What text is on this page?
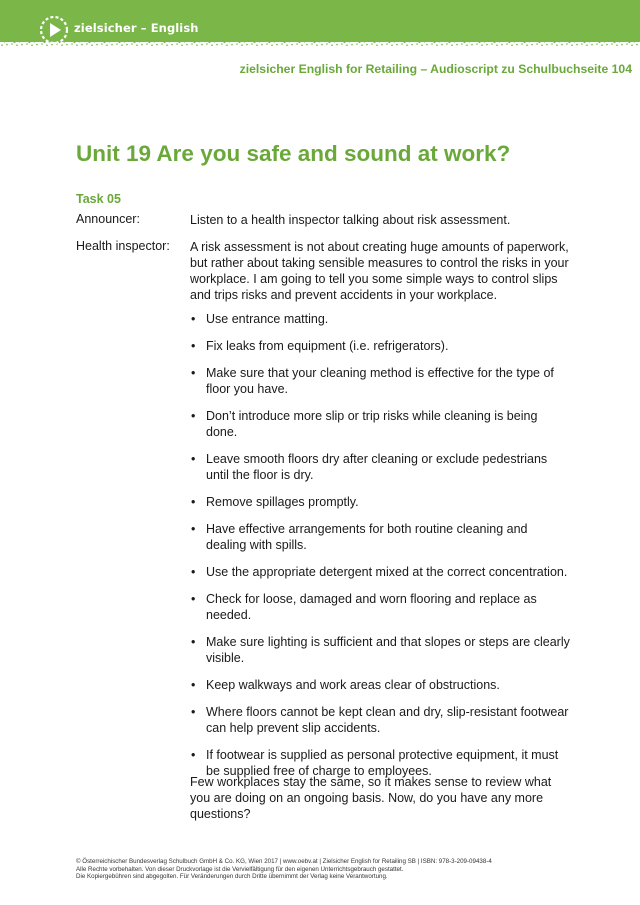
zielsicher – English
zielsicher English for Retailing – Audioscript zu Schulbuchseite 104
Unit 19 Are you safe and sound at work?
Task 05
Announcer:	Listen to a health inspector talking about risk assessment.
Health inspector: A risk assessment is not about creating huge amounts of paperwork, but rather about taking sensible measures to control the risks in your workplace. I am going to tell you some simple ways to control slips and trips risks and prevent accidents in your workplace.
• Use entrance matting.
• Fix leaks from equipment (i.e. refrigerators).
• Make sure that your cleaning method is effective for the type of floor you have.
• Don’t introduce more slip or trip risks while cleaning is being done.
• Leave smooth floors dry after cleaning or exclude pedestrians until the floor is dry.
• Remove spillages promptly.
• Have effective arrangements for both routine cleaning and dealing with spills.
• Use the appropriate detergent mixed at the correct concentration.
• Check for loose, damaged and worn flooring and replace as needed.
• Make sure lighting is sufficient and that slopes or steps are clearly visible.
• Keep walkways and work areas clear of obstructions.
• Where floors cannot be kept clean and dry, slip-resistant footwear can help prevent slip accidents.
• If footwear is supplied as personal protective equipment, it must be supplied free of charge to employees.
Few workplaces stay the same, so it makes sense to review what you are doing on an ongoing basis. Now, do you have any more questions?
© Österreichischer Bundesverlag Schulbuch GmbH & Co. KG, Wien 2017 | www.oebv.at | Zielsicher English for Retailing SB | ISBN: 978-3-209-09438-4
Alle Rechte vorbehalten. Von dieser Druckvorlage ist die Vervielfältigung für den eigenen Unterrichtsgebrauch gestattet.
Die Kopiergebühren sind abgegolten. Für Veränderungen durch Dritte übernimmt der Verlag keine Verantwortung.
